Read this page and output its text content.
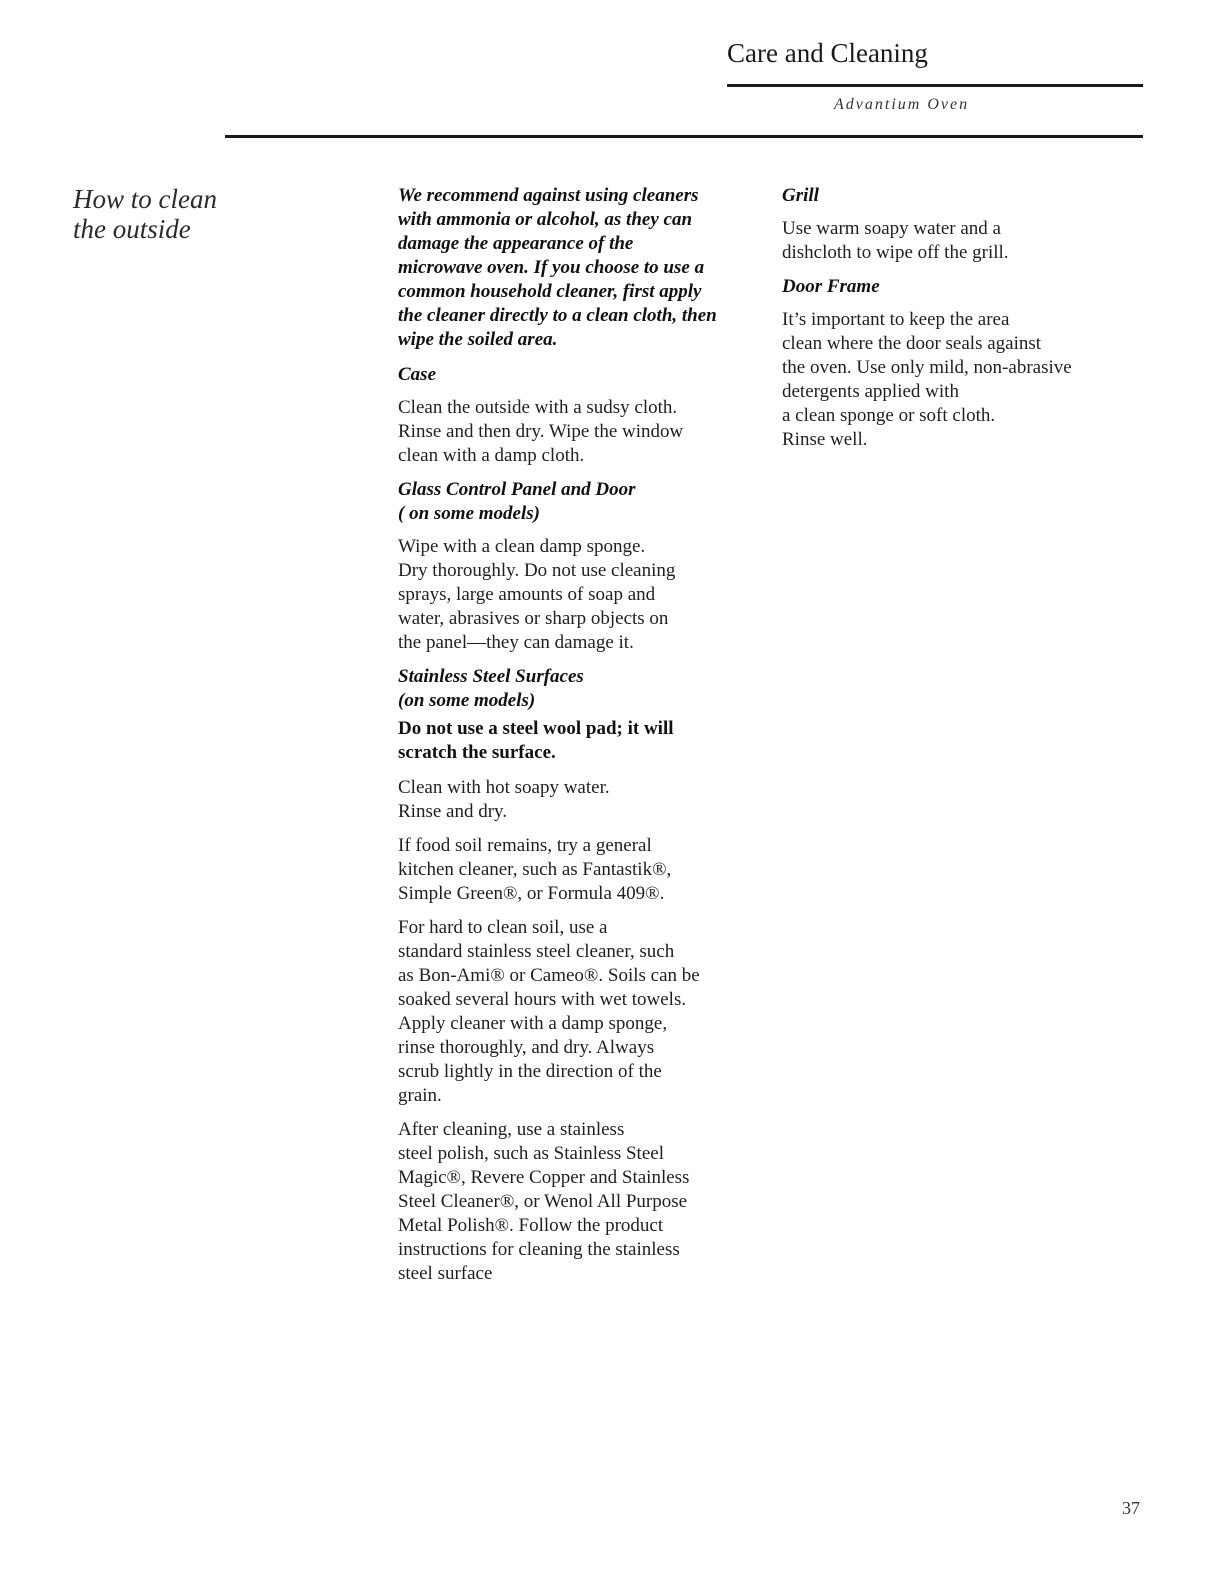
Care and Cleaning
Advantium Oven
How to clean
the outside

We recommend against using cleaners
with ammonia or alcohol, as they can
damage the appearance of the
microwave oven. If you choose to use a
common household cleaner, first apply
the cleaner directly to a clean cloth, then
wipe the soiled area.

Case

Clean the outside with a sudsy cloth.
Rinse and then dry. Wipe the window
clean with a damp cloth.

Glass Control Panel and Door
( on some models)

Wipe with a clean damp sponge.
Dry thoroughly. Do not use cleaning
sprays, large amounts of soap and
water, abrasives or sharp objects on
the panel—they can damage it.

Stainless Steel Surfaces
(on some models)

Do not use a steel wool pad; it will
scratch the surface.

Clean with hot soapy water.
Rinse and dry.

If food soil remains, try a general
kitchen cleaner, such as Fantastik®,
Simple Green®, or Formula 409®.

For hard to clean soil, use a
standard stainless steel cleaner, such
as Bon-Ami® or Cameo®. Soils can be
soaked several hours with wet towels.
Apply cleaner with a damp sponge,
rinse thoroughly, and dry. Always
scrub lightly in the direction of the
grain.

After cleaning, use a stainless
steel polish, such as Stainless Steel
Magic®, Revere Copper and Stainless
Steel Cleaner®, or Wenol All Purpose
Metal Polish®. Follow the product
instructions for cleaning the stainless
steel surface

Grill

Use warm soapy water and a
dishcloth to wipe off the grill.

Door Frame

It’s important to keep the area
clean where the door seals against
the oven. Use only mild, non-abrasive
detergents applied with
a clean sponge or soft cloth.
Rinse well.

37
